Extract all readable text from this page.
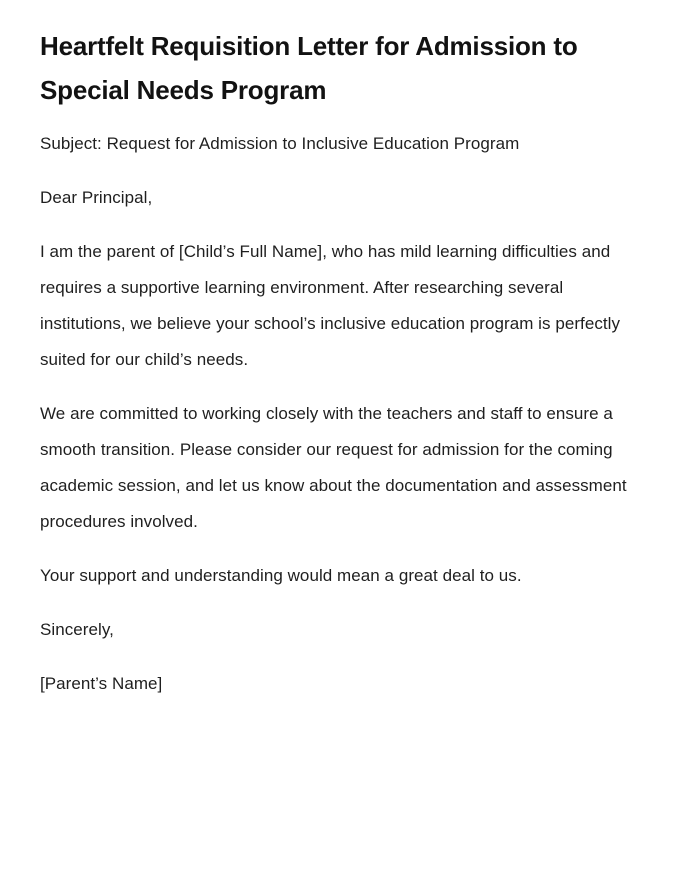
Heartfelt Requisition Letter for Admission to Special Needs Program

Subject: Request for Admission to Inclusive Education Program

Dear Principal,

I am the parent of [Child’s Full Name], who has mild learning difficulties and requires a supportive learning environment. After researching several institutions, we believe your school’s inclusive education program is perfectly suited for our child’s needs.

We are committed to working closely with the teachers and staff to ensure a smooth transition. Please consider our request for admission for the coming academic session, and let us know about the documentation and assessment procedures involved.

Your support and understanding would mean a great deal to us.

Sincerely,

[Parent’s Name]
